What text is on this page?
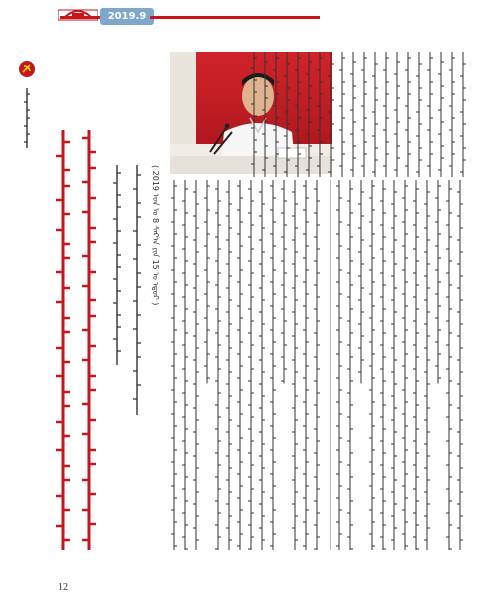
2019.9
( 2019 ᠣᠨ ᠤ 8 ᠰᠠᠷ᠎ᠠ ᠶᠢᠨ 15 ᠤ ᠡᠳᠦᠷ )
12
